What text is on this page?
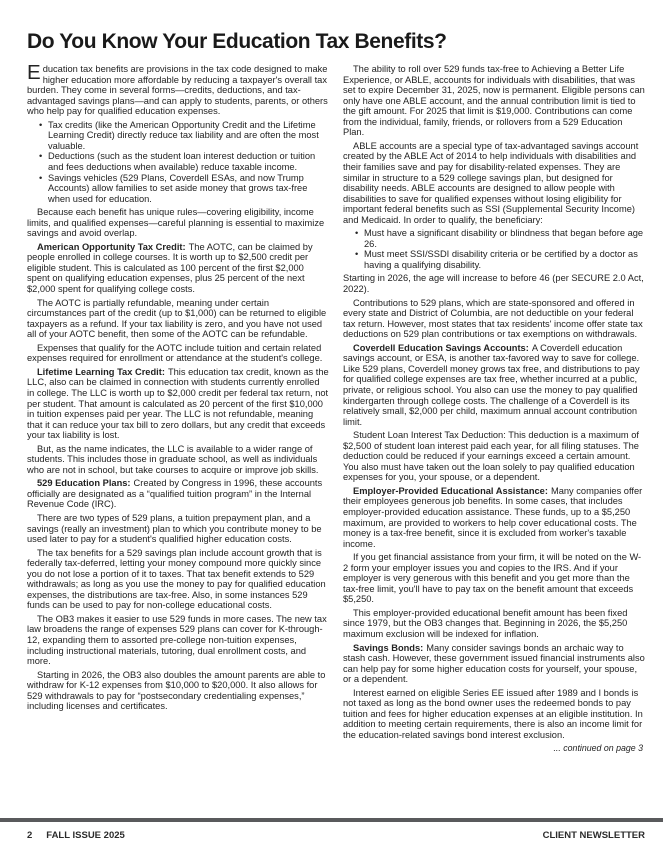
Do You Know Your Education Tax Benefits?

Education tax benefits are provisions in the tax code designed to make higher education more affordable by reducing a taxpayer's overall tax burden. They come in several forms—credits, deductions, and tax-advantaged savings plans—and can apply to students, parents, or others who help pay for qualified education expenses.

• Tax credits (like the American Opportunity Credit and the Lifetime Learning Credit) directly reduce tax liability and are often the most valuable.
• Deductions (such as the student loan interest deduction or tuition and fees deductions when available) reduce taxable income.
• Savings vehicles (529 Plans, Coverdell ESAs, and now Trump Accounts) allow families to set aside money that grows tax-free when used for education.

Because each benefit has unique rules—covering eligibility, income limits, and qualified expenses—careful planning is essential to maximize savings and avoid overlap.

American Opportunity Tax Credit: The AOTC, can be claimed by people enrolled in college courses. It is worth up to $2,500 credit per eligible student. This is calculated as 100 percent of the first $2,000 spent on qualifying education expenses, plus 25 percent of the next $2,000 spent for qualifying college costs.

The AOTC is partially refundable, meaning under certain circumstances part of the credit (up to $1,000) can be returned to eligible taxpayers as a refund. If your tax liability is zero, and you have not used all of your AOTC benefit, then some of the AOTC can be refundable.

Expenses that qualify for the AOTC include tuition and certain related expenses required for enrollment or attendance at the student's college.

Lifetime Learning Tax Credit: This education tax credit, known as the LLC, also can be claimed in connection with students currently enrolled in college. The LLC is worth up to $2,000 credit per federal tax return, not per student. That amount is calculated as 20 percent of the first $10,000 in tuition expenses paid per year. The LLC is not refundable, meaning that it can reduce your tax bill to zero dollars, but any credit that exceeds your tax liability is lost.

But, as the name indicates, the LLC is available to a wider range of students. This includes those in graduate school, as well as individuals who are not in school, but take courses to acquire or improve job skills.

529 Education Plans: Created by Congress in 1996, these accounts officially are designated as a “qualified tuition program” in the Internal Revenue Code (IRC).

There are two types of 529 plans, a tuition prepayment plan, and a savings (really an investment) plan to which you contribute money to be used later to pay for a student's qualified higher education costs.

The tax benefits for a 529 savings plan include account growth that is federally tax-deferred, letting your money compound more quickly since you do not lose a portion of it to taxes. That tax benefit extends to 529 withdrawals; as long as you use the money to pay for qualified education expenses, the distributions are tax-free. Also, in some instances 529 funds can be used to pay for non-college educational costs.

The OB3 makes it easier to use 529 funds in more cases. The new tax law broadens the range of expenses 529 plans can cover for K-through-12, expanding them to assorted pre-college non-tuition expenses, including instructional materials, tutoring, dual enrollment costs, and more.

Starting in 2026, the OB3 also doubles the amount parents are able to withdraw for K-12 expenses from $10,000 to $20,000. It also allows for 529 withdrawals to pay for “postsecondary credentialing expenses,” including licenses and certificates.

The ability to roll over 529 funds tax-free to Achieving a Better Life Experience, or ABLE, accounts for individuals with disabilities, that was set to expire December 31, 2025, now is permanent. Eligible persons can only have one ABLE account, and the annual contribution limit is tied to the gift amount. For 2025 that limit is $19,000. Contributions can come from the individual, family, friends, or rollovers from a 529 Education Plan.

ABLE accounts are a special type of tax-advantaged savings account created by the ABLE Act of 2014 to help individuals with disabilities and their families save and pay for disability-related expenses. They are similar in structure to a 529 college savings plan, but designed for disability needs. ABLE accounts are designed to allow people with disabilities to save for qualified expenses without losing eligibility for important federal benefits such as SSI (Supplemental Security Income) and Medicaid. In order to qualify, the beneficiary:

• Must have a significant disability or blindness that began before age 26.
• Must meet SSI/SSDI disability criteria or be certified by a doctor as having a qualifying disability.

Starting in 2026, the age will increase to before 46 (per SECURE 2.0 Act, 2022).

Contributions to 529 plans, which are state-sponsored and offered in every state and District of Columbia, are not deductible on your federal tax return. However, most states that tax residents' income offer state tax deductions on 529 plan contributions or tax exemptions on withdrawals.

Coverdell Education Savings Accounts: A Coverdell education savings account, or ESA, is another tax-favored way to save for college. Like 529 plans, Coverdell money grows tax free, and distributions to pay for qualified college expenses are tax free, whether incurred at a public, private, or religious school. You also can use the money to pay qualified kindergarten through college costs. The challenge of a Coverdell is its relatively small, $2,000 per child, maximum annual account contribution limit.

Student Loan Interest Tax Deduction: This deduction is a maximum of $2,500 of student loan interest paid each year, for all filing statuses. The deduction could be reduced if your earnings exceed a certain amount. You also must have taken out the loan solely to pay qualified education expenses for you, your spouse, or a dependent.

Employer-Provided Educational Assistance: Many companies offer their employees generous job benefits. In some cases, that includes employer-provided education assistance. These funds, up to a $5,250 maximum, are provided to workers to help cover educational costs. The money is a tax-free benefit, since it is excluded from worker's taxable income.

If you get financial assistance from your firm, it will be noted on the W-2 form your employer issues you and copies to the IRS. And if your employer is very generous with this benefit and you get more than the tax-free limit, you'll have to pay tax on the benefit amount that exceeds $5,250.

This employer-provided educational benefit amount has been fixed since 1979, but the OB3 changes that. Beginning in 2026, the $5,250 maximum exclusion will be indexed for inflation.

Savings Bonds: Many consider savings bonds an archaic way to stash cash. However, these government issued financial instruments also can help pay for some higher education costs for yourself, your spouse, or a dependent.

Interest earned on eligible Series EE issued after 1989 and I bonds is not taxed as long as the bond owner uses the redeemed bonds to pay tuition and fees for higher education expenses at an eligible institution. In addition to meeting certain requirements, there is also an income limit for the education-related savings bond interest exclusion.

... continued on page 3
2 FALL ISSUE 2025	CLIENT NEWSLETTER
